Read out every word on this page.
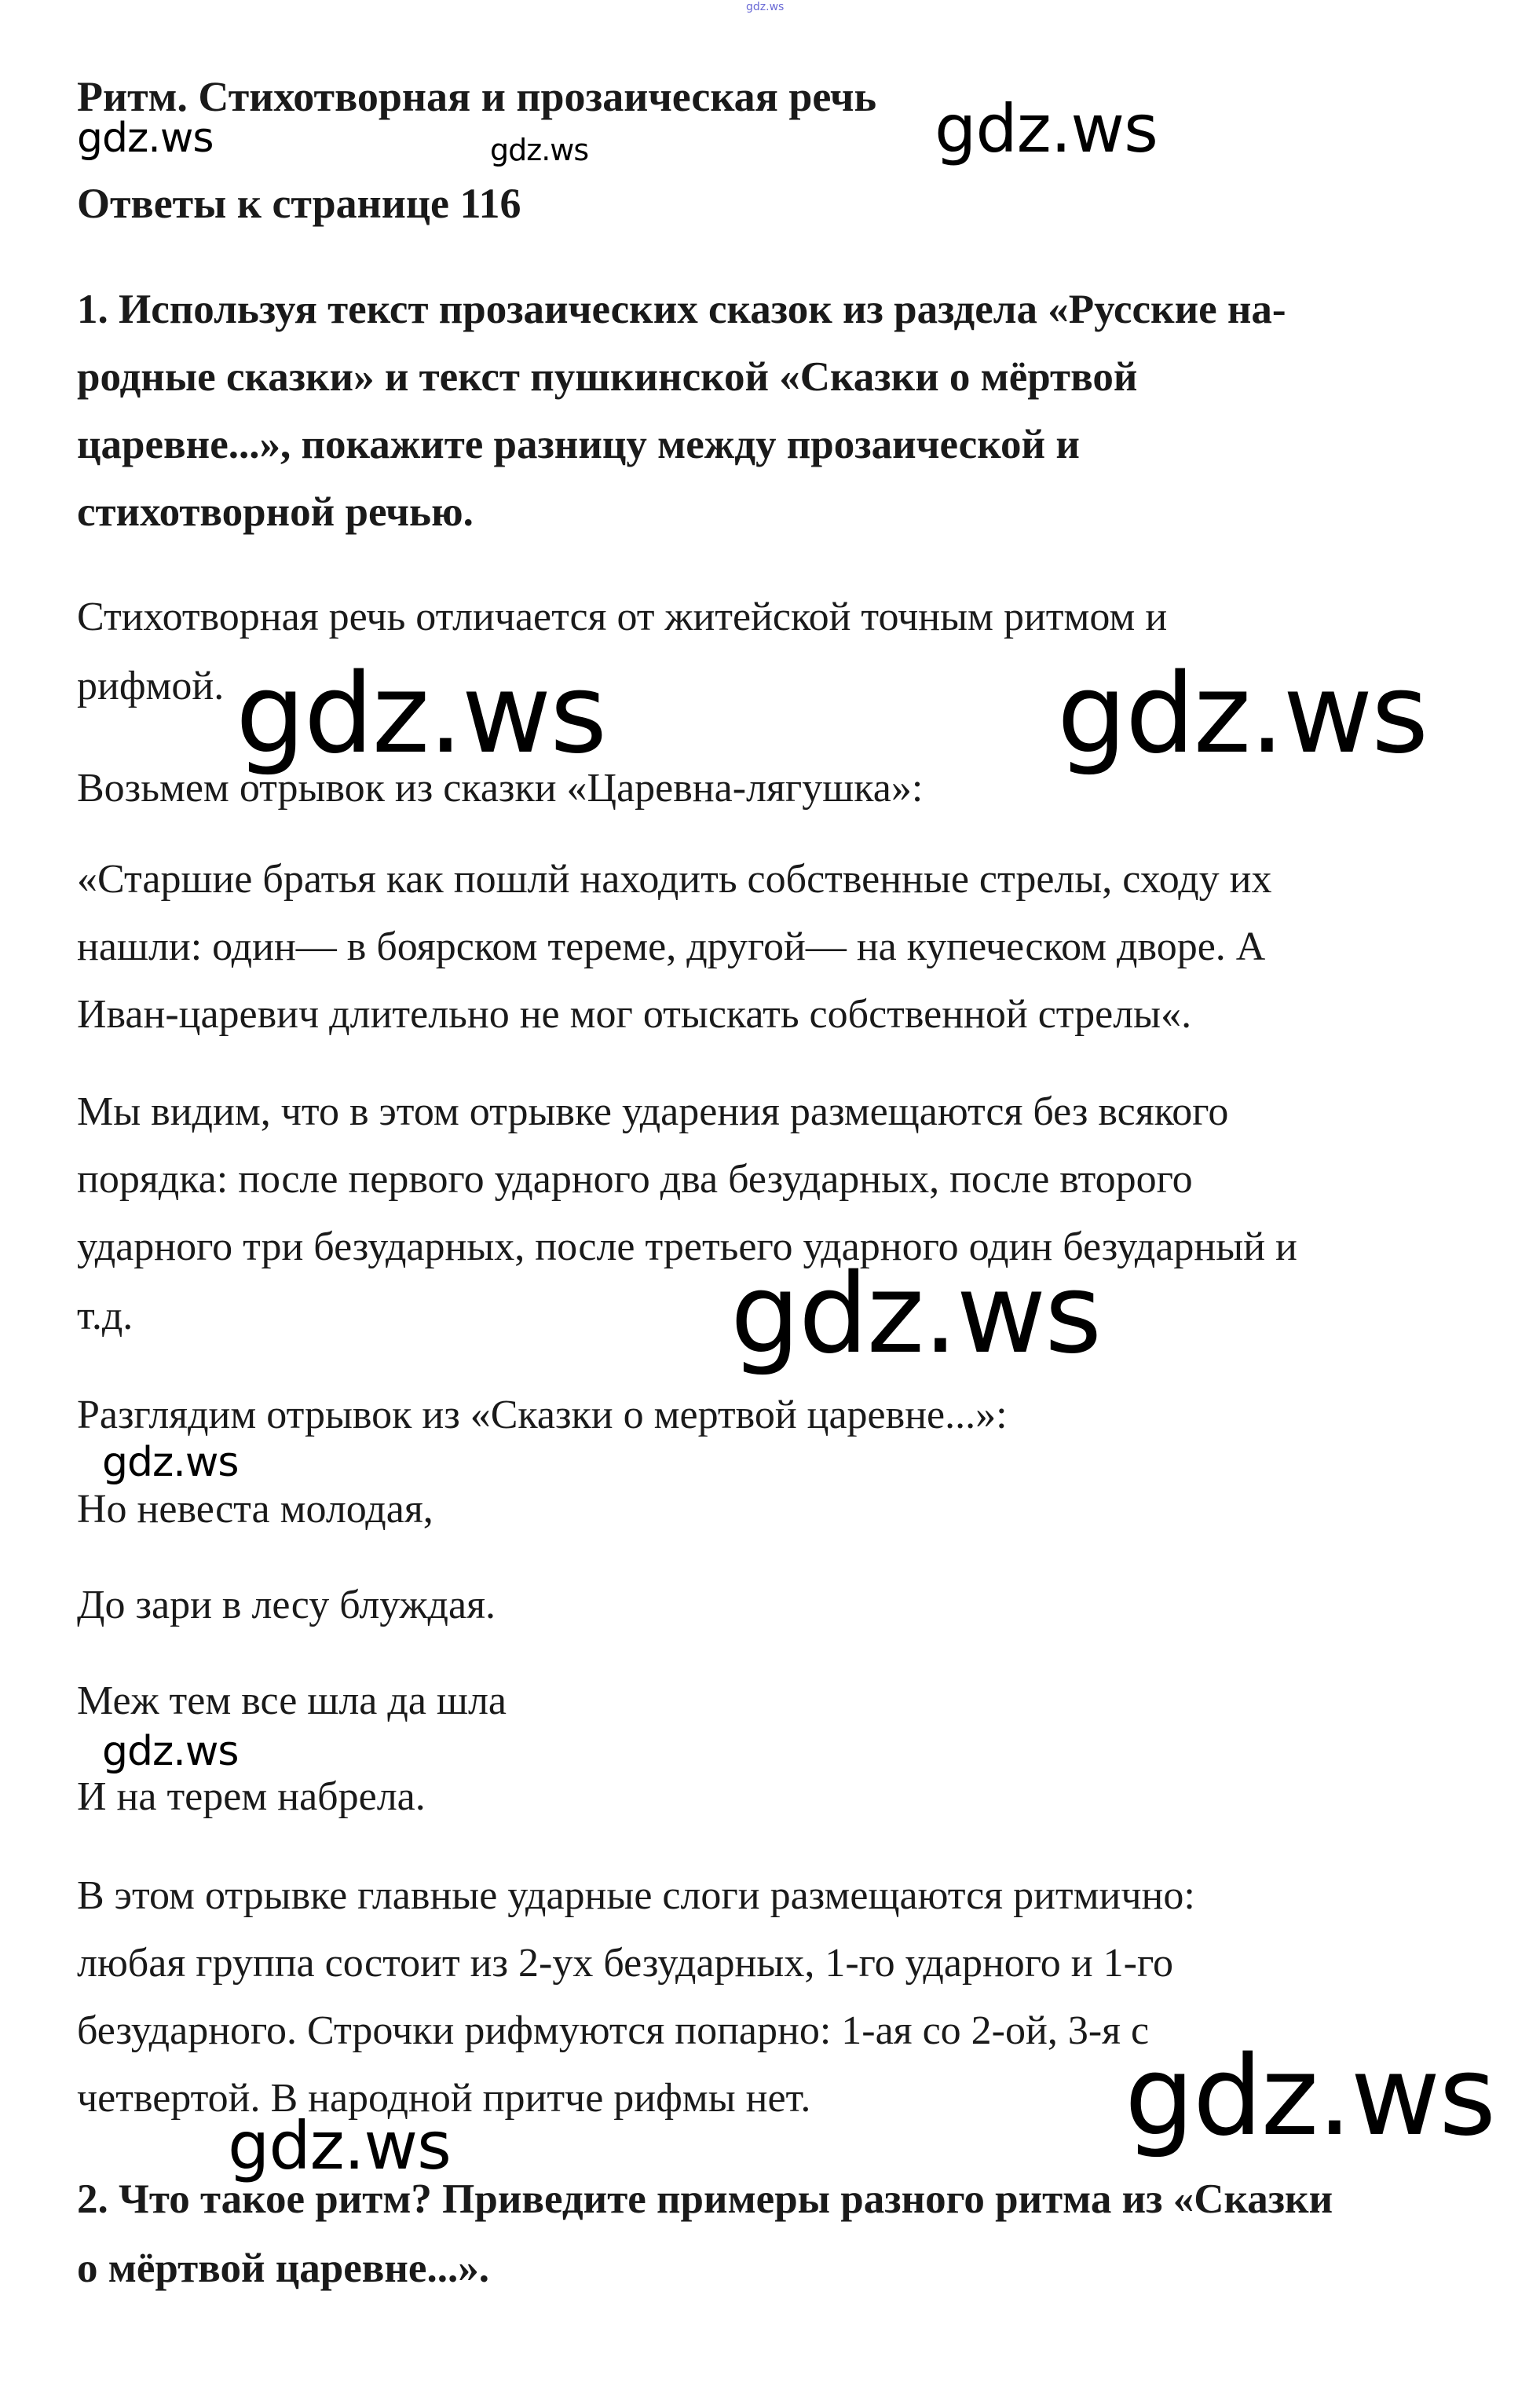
Ритм. Стихотворная и прозаическая речь
Ответы к странице 116
1. Используя текст прозаических сказок из раздела «Русские на-
родные сказки» и текст пушкинской «Сказки о мёртвой
царевне...», покажите разницу между прозаической и
стихотворной речью.
Стихотворная речь отличается от житейской точным ритмом и
рифмой.
Возьмем отрывок из сказки «Царевна-лягушка»:
«Старшие братья как пошлй находить собственные стрелы, сходу их
нашли: один— в боярском тереме, другой— на купеческом дворе. А
Иван-царевич длительно не мог отыскать собственной стрелы«.
Мы видим, что в этом отрывке ударения размещаются без всякого
порядка: после первого ударного два безударных, после второго
ударного три безударных, после третьего ударного один безударный и
т.д.
Разглядим отрывок из «Сказки о мертвой царевне...»:
Но невеста молодая,
До зари в лесу блуждая.
Меж тем все шла да шла
И на терем набрела.
В этом отрывке главные ударные слоги размещаются ритмично:
любая группа состоит из 2-ух безударных, 1-го ударного и 1-го
безударного. Строчки рифмуются попарно: 1-ая со 2-ой, 3-я с
четвертой. В народной притче рифмы нет.
2. Что такое ритм? Приведите примеры разного ритма из «Сказки
о мёртвой царевне...».
gdz.ws
gdz.ws	gdz.ws	gdz.ws
gdz.ws	gdz.ws
gdz.ws
gdz.ws
gdz.ws
gdz.ws
gdz.ws
